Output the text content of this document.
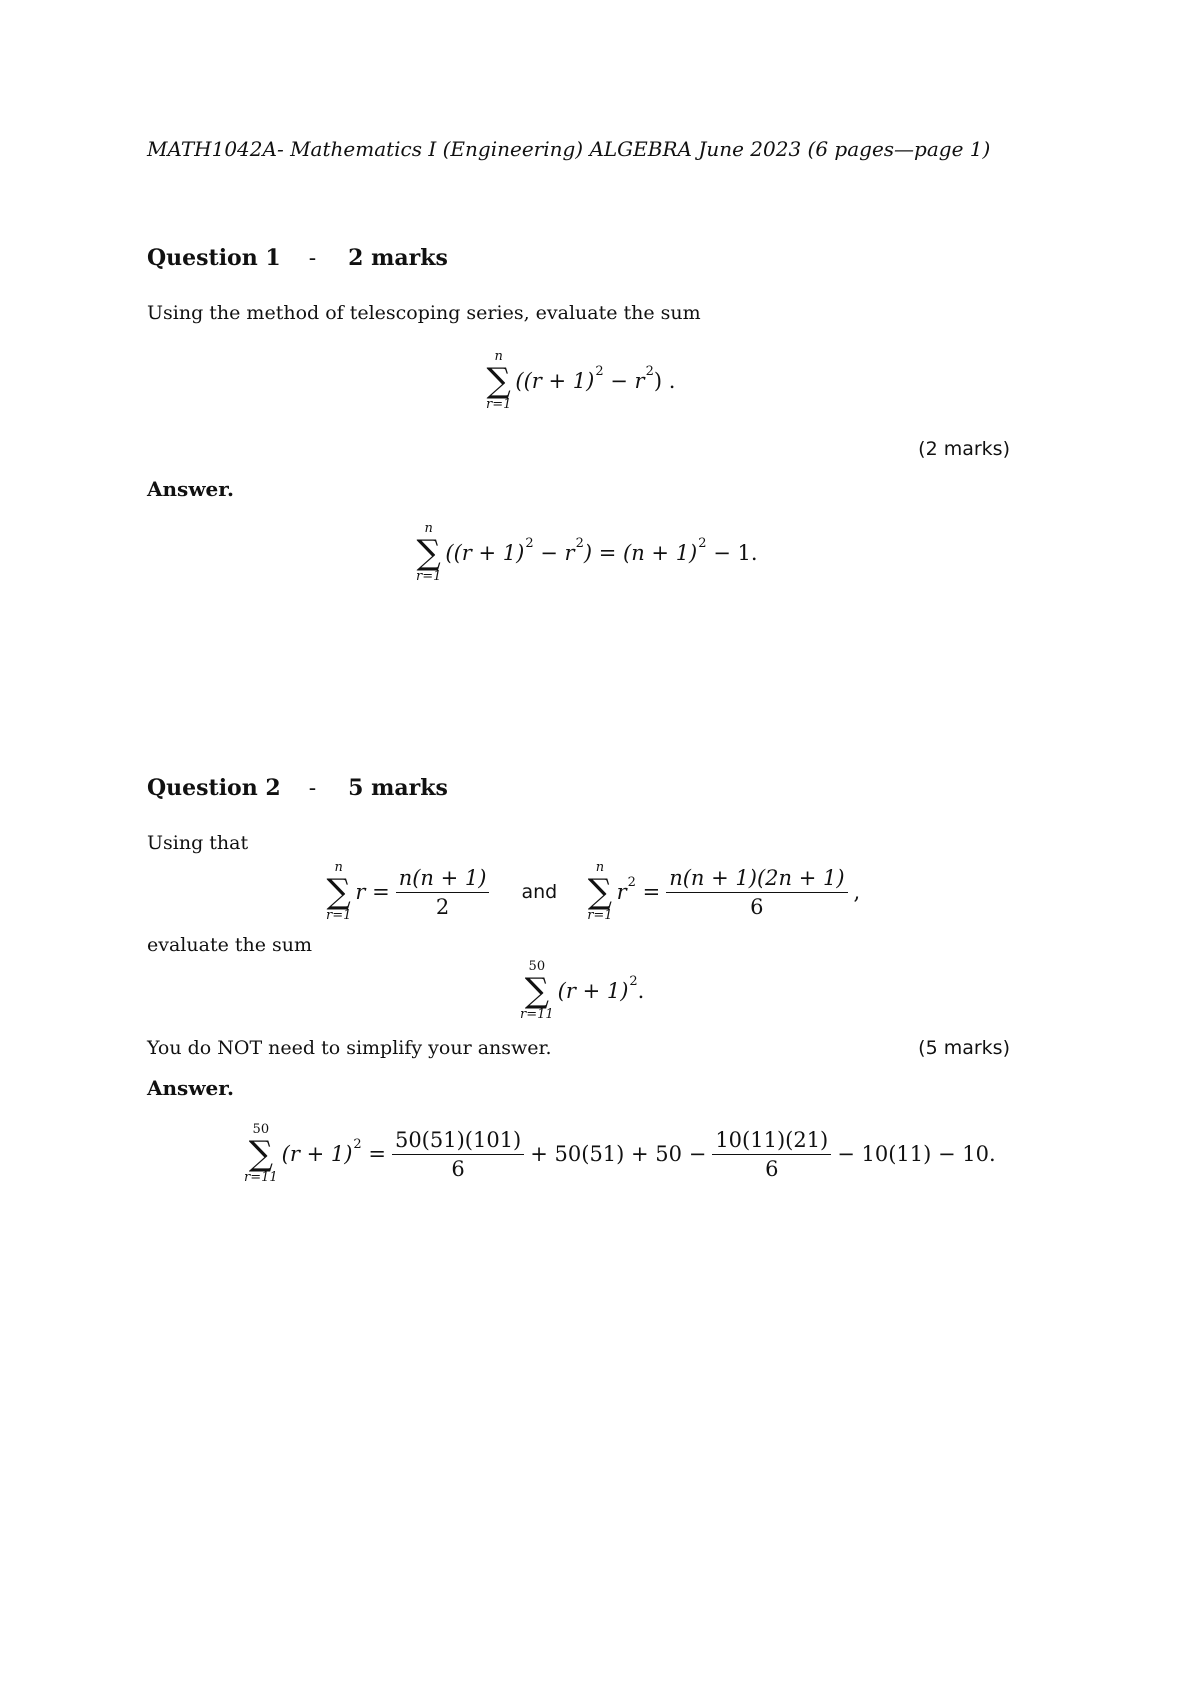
MATH1042A- Mathematics I (Engineering) ALGEBRA June 2023 (6 pages—page 1)
Question 1 - 2 marks
Using the method of telescoping series, evaluate the sum
n
∑
r=1
((r + 1) 2 − r 2 ) .
(2 marks)
Answer.
n
∑
r=1
((r + 1) 2 − r 2 ) = (n + 1) 2 − 1.
Question 2 - 5 marks
Using that
n
∑
r=1
$r = \frac{n(n + 1)}{2}$ and
n
∑
r=1
r $2 = \frac{n(n + 1)(2n + 1)}{6}$ ,
evaluate the sum
50
∑
r=11
(r + 1) 2 .
You do NOT need to simplify your answer.	(5 marks)
Answer.
50
∑
r=11
(r + 1) $2 = \frac{50(51)(101)}{6} + 50(51) + 50 - \frac{10(11)(21)}{6} - 10(11) - 10$.
